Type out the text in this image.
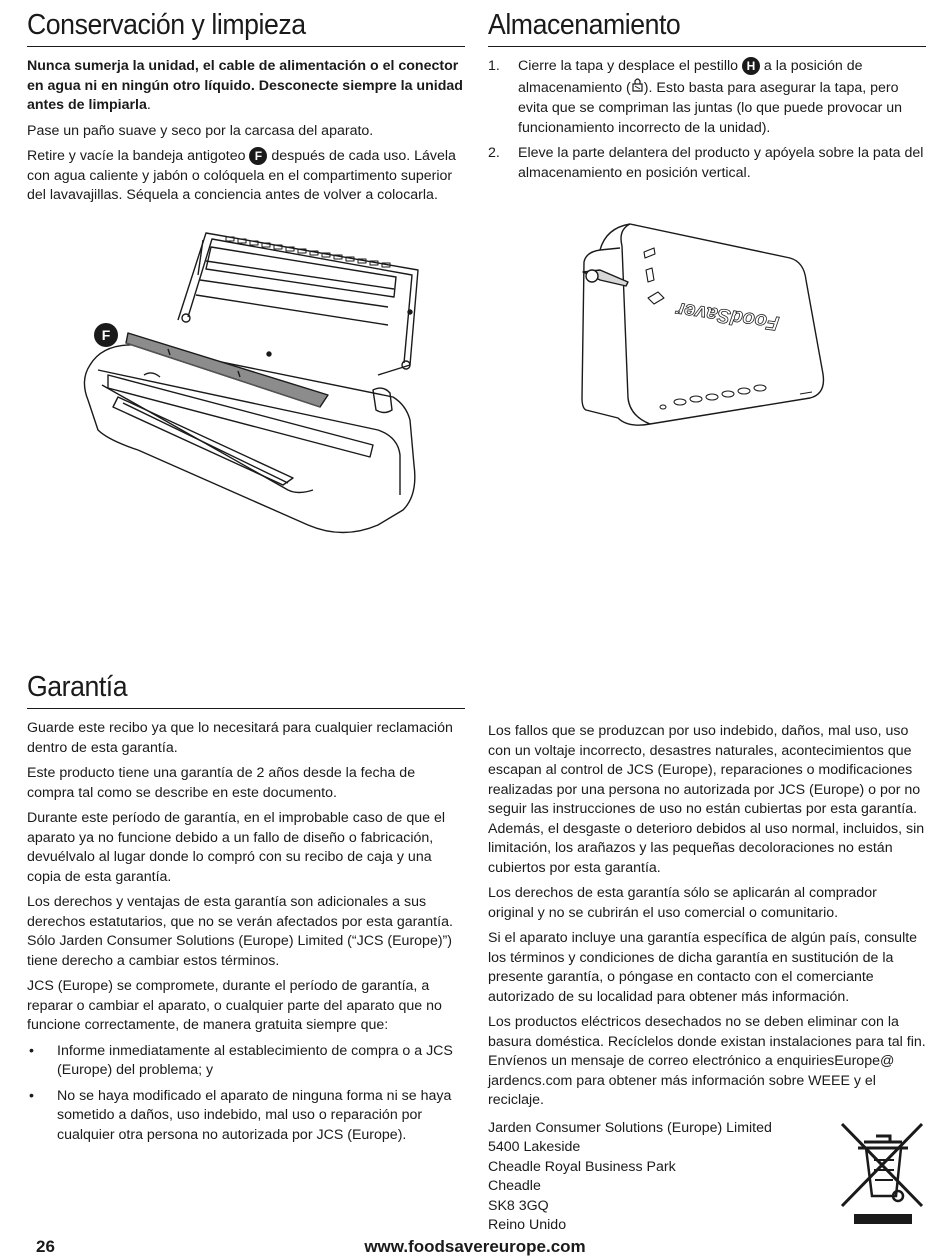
Conservación y limpieza

Nunca sumerja la unidad, el cable de alimentación o el conector en agua ni en ningún otro líquido. Desconecte siempre la unidad antes de limpiarla.

Pase un paño suave y seco por la carcasa del aparato.

Retire y vacíe la bandeja antigoteo F después de cada uso. Lávela con agua caliente y jabón o colóquela en el compartimento superior del lavavajillas. Séquela a conciencia antes de volver a colocarla.

F
Almacenamiento
1. Cierre la tapa y desplace el pestillo H a la posición de almacenamiento ( ). Esto basta para asegurar la tapa, pero evita que se compriman las juntas (lo que puede provocar un funcionamiento incorrecto de la unidad).
2. Eleve la parte delantera del producto y apóyela sobre la pata del almacenamiento en posición vertical.
FoodSaver
Garantía

Guarde este recibo ya que lo necesitará para cualquier reclamación dentro de esta garantía.

Este producto tiene una garantía de 2 años desde la fecha de compra tal como se describe en este documento.

Durante este período de garantía, en el improbable caso de que el aparato ya no funcione debido a un fallo de diseño o fabricación, devuélvalo al lugar donde lo compró con su recibo de caja y una copia de esta garantía.

Los derechos y ventajas de esta garantía son adicionales a sus derechos estatutarios, que no se verán afectados por esta garantía. Sólo Jarden Consumer Solutions (Europe) Limited (“JCS (Europe)”) tiene derecho a cambiar estos términos.

JCS (Europe) se compromete, durante el período de garantía, a reparar o cambiar el aparato, o cualquier parte del aparato que no funcione correctamente, de manera gratuita siempre que:

• Informe inmediatamente al establecimiento de compra o a JCS (Europe) del problema; y
• No se haya modificado el aparato de ninguna forma ni se haya sometido a daños, uso indebido, mal uso o reparación por cualquier otra persona no autorizada por JCS (Europe).

Los fallos que se produzcan por uso indebido, daños, mal uso, uso con un voltaje incorrecto, desastres naturales, acontecimientos que escapan al control de JCS (Europe), reparaciones o modificaciones realizadas por una persona no autorizada por JCS (Europe) o por no seguir las instrucciones de uso no están cubiertas por esta garantía. Además, el desgaste o deterioro debidos al uso normal, incluidos, sin limitación, los arañazos y las pequeñas decoloraciones no están cubiertos por esta garantía.

Los derechos de esta garantía sólo se aplicarán al comprador original y no se cubrirán el uso comercial o comunitario.

Si el aparato incluye una garantía específica de algún país, consulte los términos y condiciones de dicha garantía en sustitución de la presente garantía, o póngase en contacto con el comerciante autorizado de su localidad para obtener más información.

Los productos eléctricos desechados no se deben eliminar con la basura doméstica. Recíclelos donde existan instalaciones para tal fin. Envíenos un mensaje de correo electrónico a enquiriesEurope@ jardencs.com para obtener más información sobre WEEE y el reciclaje.

Jarden Consumer Solutions (Europe) Limited

5400 Lakeside

Cheadle Royal Business Park

Cheadle

SK8 3GQ

Reino Unido

26	www.foodsavereurope.com
